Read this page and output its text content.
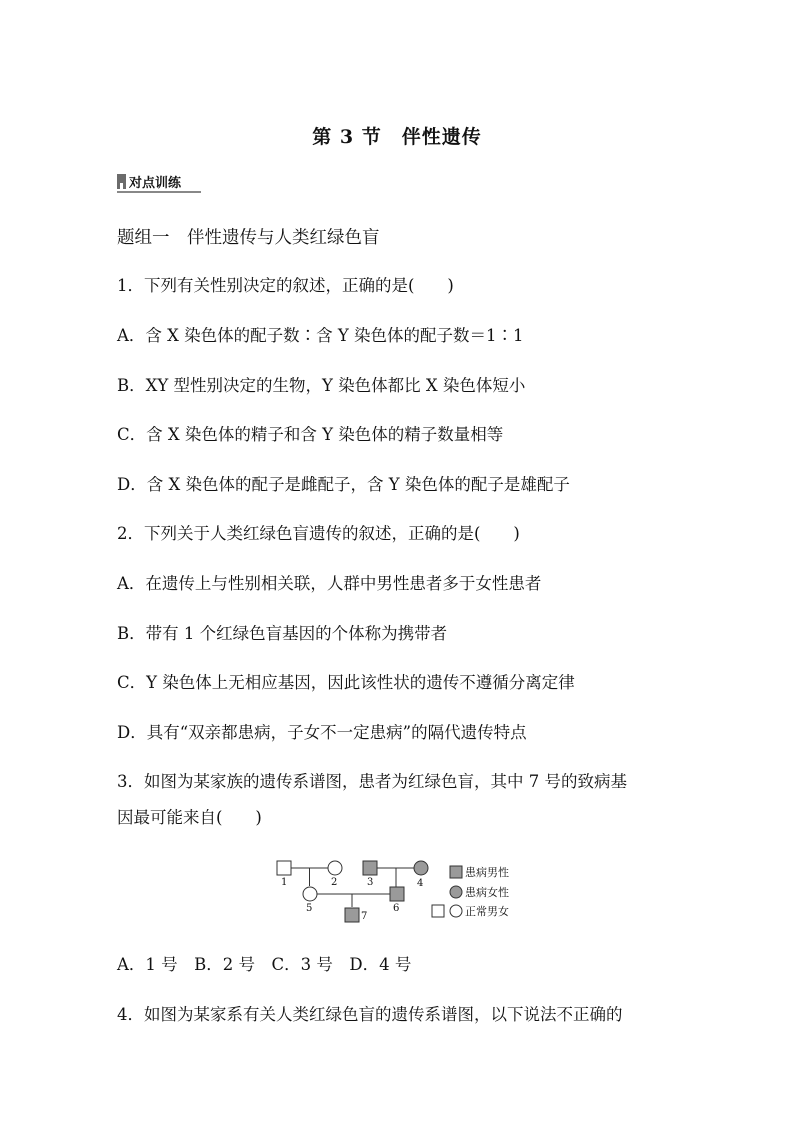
第 3 节　伴性遗传
对点训练
题组一　伴性遗传与人类红绿色盲
1．下列有关性别决定的叙述，正确的是(　　)
A．含 X 染色体的配子数∶含 Y 染色体的配子数＝1∶1
B．XY 型性别决定的生物，Y 染色体都比 X 染色体短小
C．含 X 染色体的精子和含 Y 染色体的精子数量相等
D．含 X 染色体的配子是雌配子，含 Y 染色体的配子是雄配子
2．下列关于人类红绿色盲遗传的叙述，正确的是(　　)
A．在遗传上与性别相关联，人群中男性患者多于女性患者
B．带有 1 个红绿色盲基因的个体称为携带者
C．Y 染色体上无相应基因，因此该性状的遗传不遵循分离定律
D．具有“双亲都患病，子女不一定患病”的隔代遗传特点
3．如图为某家族的遗传系谱图，患者为红绿色盲，其中 7 号的致病基
因最可能来自(　　)
1	2	3	4
5	6
7
患病男性
患病女性
正常男女
A．1 号　B．2 号　C．3 号　D．4 号
4．如图为某家系有关人类红绿色盲的遗传系谱图，以下说法不正确的
